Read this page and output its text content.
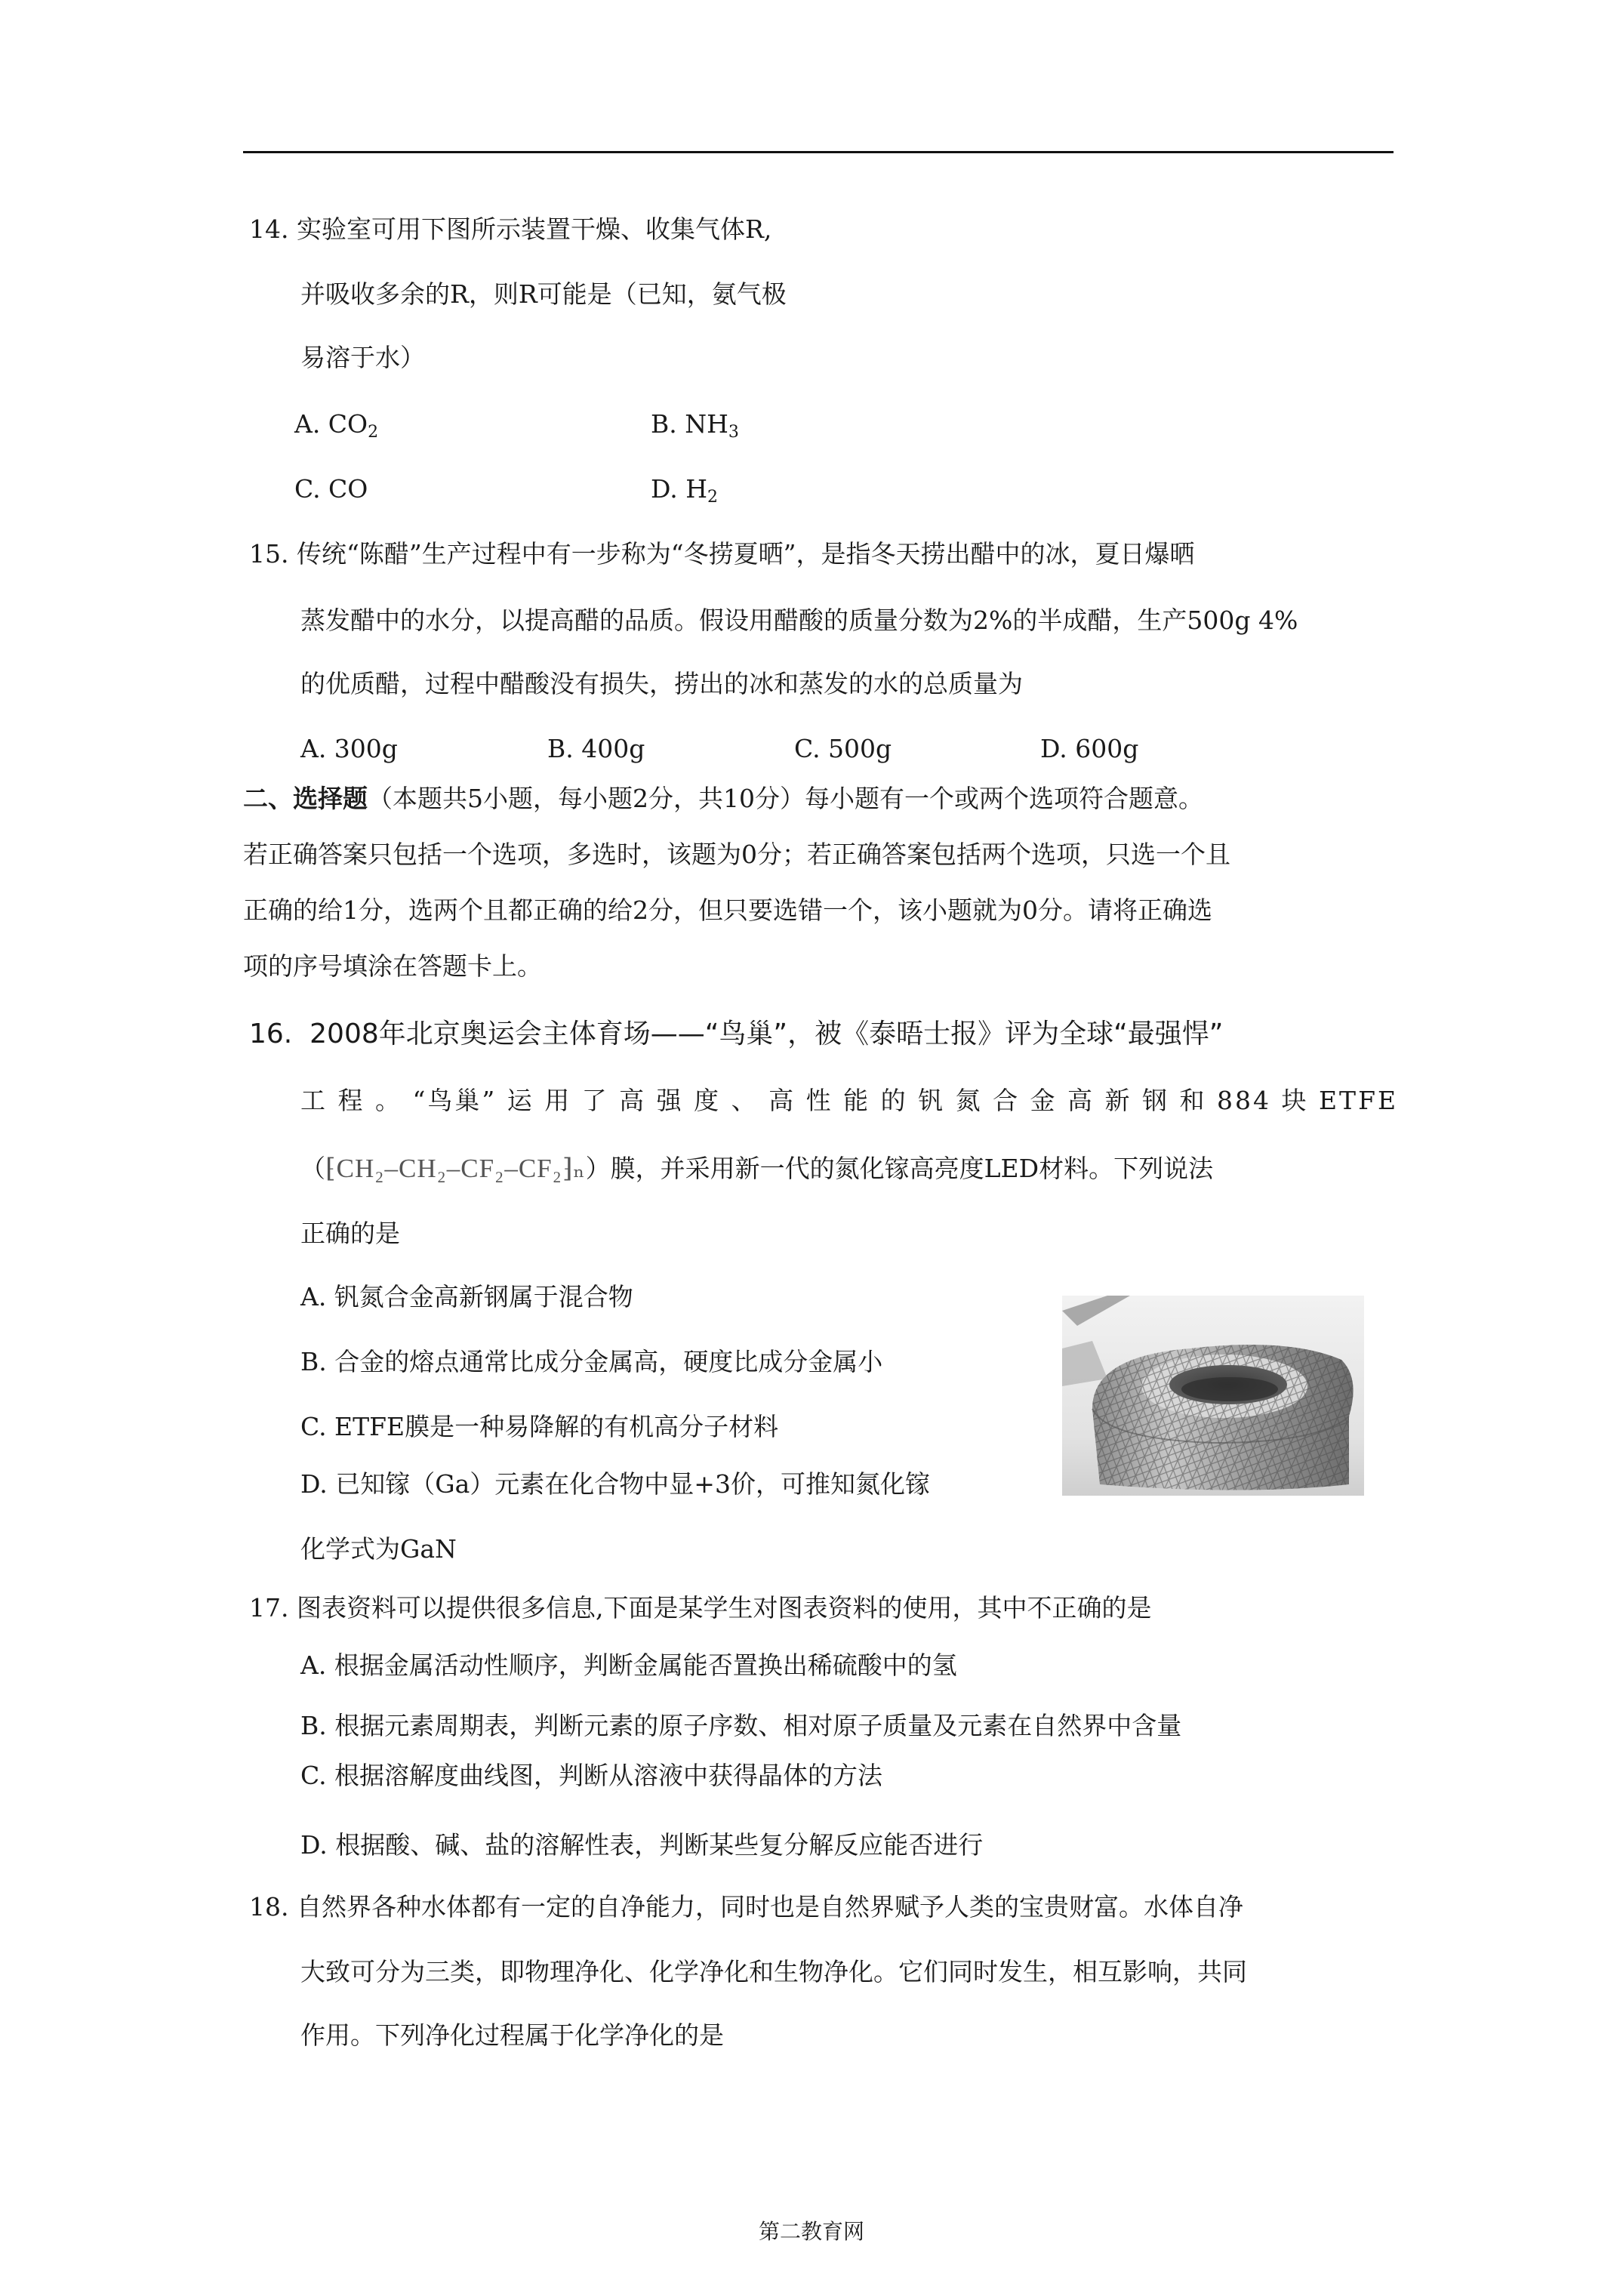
14. 实验室可用下图所示装置干燥、收集气体R,
并吸收多余的R，则R可能是（已知，氨气极
易溶于水）
A. $CO_2$	B. $NH_3$
C. CO	D. $H_2$
15. 传统“陈醋”生产过程中有一步称为“冬捞夏晒”，是指冬天捞出醋中的冰，夏日爆晒
蒸发醋中的水分，以提高醋的品质。假设用醋酸的质量分数为2%的半成醋，生产500g 4%
的优质醋，过程中醋酸没有损失，捞出的冰和蒸发的水的总质量为
A. 300g	B. 400g	C. 500g	D. 600g
二、选择题（本题共5小题，每小题2分，共10分）每小题有一个或两个选项符合题意。
若正确答案只包括一个选项，多选时，该题为0分；若正确答案包括两个选项，只选一个且
正确的给1分，选两个且都正确的给2分，但只要选错一个，该小题就为0分。请将正确选
项的序号填涂在答题卡上。
16. 2008年北京奥运会主体育场——“鸟巢”，被《泰晤士报》评为全球“最强悍”
工 程 。 “鸟巢” 运 用 了 高 强 度 、 高 性 能 的 钒 氮 合 金 高 新 钢 和 884 块 ETFE
（⁅CH₂–CH₂–CF₂–CF₂⁆ₙ）膜，并采用新一代的氮化镓高亮度LED材料。下列说法
正确的是
A. 钒氮合金高新钢属于混合物
B. 合金的熔点通常比成分金属高，硬度比成分金属小
C. ETFE膜是一种易降解的有机高分子材料
D. 已知镓（Ga）元素在化合物中显+3价，可推知氮化镓
化学式为GaN
17. 图表资料可以提供很多信息,下面是某学生对图表资料的使用，其中不正确的是
A. 根据金属活动性顺序，判断金属能否置换出稀硫酸中的氢
B. 根据元素周期表，判断元素的原子序数、相对原子质量及元素在自然界中含量
C. 根据溶解度曲线图，判断从溶液中获得晶体的方法
D. 根据酸、碱、盐的溶解性表，判断某些复分解反应能否进行
18. 自然界各种水体都有一定的自净能力，同时也是自然界赋予人类的宝贵财富。水体自净
大致可分为三类，即物理净化、化学净化和生物净化。它们同时发生，相互影响，共同
作用。下列净化过程属于化学净化的是
第二教育网
